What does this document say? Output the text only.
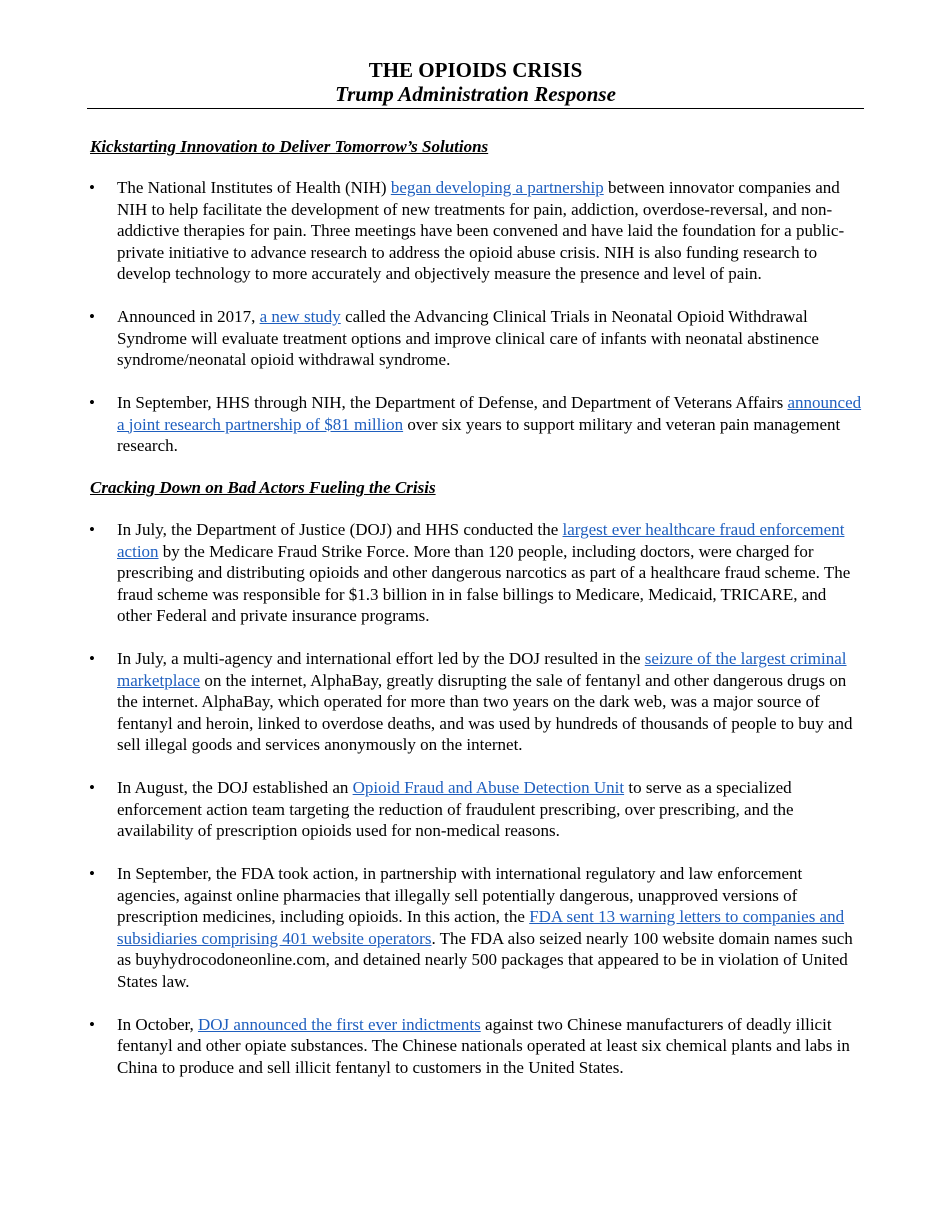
THE OPIOIDS CRISIS
Trump Administration Response
Kickstarting Innovation to Deliver Tomorrow’s Solutions
•	The National Institutes of Health (NIH) began developing a partnership between innovator companies and NIH to help facilitate the development of new treatments for pain, addiction, overdose-reversal, and non-addictive therapies for pain. Three meetings have been convened and have laid the foundation for a public-private initiative to advance research to address the opioid abuse crisis. NIH is also funding research to develop technology to more accurately and objectively measure the presence and level of pain.
•	Announced in 2017, a new study called the Advancing Clinical Trials in Neonatal Opioid Withdrawal Syndrome will evaluate treatment options and improve clinical care of infants with neonatal abstinence syndrome/neonatal opioid withdrawal syndrome.
•	In September, HHS through NIH, the Department of Defense, and Department of Veterans Affairs announced a joint research partnership of $81 million over six years to support military and veteran pain management research.
Cracking Down on Bad Actors Fueling the Crisis
•	In July, the Department of Justice (DOJ) and HHS conducted the largest ever healthcare fraud enforcement action by the Medicare Fraud Strike Force. More than 120 people, including doctors, were charged for prescribing and distributing opioids and other dangerous narcotics as part of a healthcare fraud scheme. The fraud scheme was responsible for $1.3 billion in in false billings to Medicare, Medicaid, TRICARE, and other Federal and private insurance programs.
•	In July, a multi-agency and international effort led by the DOJ resulted in the seizure of the largest criminal marketplace on the internet, AlphaBay, greatly disrupting the sale of fentanyl and other dangerous drugs on the internet. AlphaBay, which operated for more than two years on the dark web, was a major source of fentanyl and heroin, linked to overdose deaths, and was used by hundreds of thousands of people to buy and sell illegal goods and services anonymously on the internet.
•	In August, the DOJ established an Opioid Fraud and Abuse Detection Unit to serve as a specialized enforcement action team targeting the reduction of fraudulent prescribing, over prescribing, and the availability of prescription opioids used for non-medical reasons.
•	In September, the FDA took action, in partnership with international regulatory and law enforcement agencies, against online pharmacies that illegally sell potentially dangerous, unapproved versions of prescription medicines, including opioids. In this action, the FDA sent 13 warning letters to companies and subsidiaries comprising 401 website operators. The FDA also seized nearly 100 website domain names such as buyhydrocodoneonline.com, and detained nearly 500 packages that appeared to be in violation of United States law.
•	In October, DOJ announced the first ever indictments against two Chinese manufacturers of deadly illicit fentanyl and other opiate substances. The Chinese nationals operated at least six chemical plants and labs in China to produce and sell illicit fentanyl to customers in the United States.
